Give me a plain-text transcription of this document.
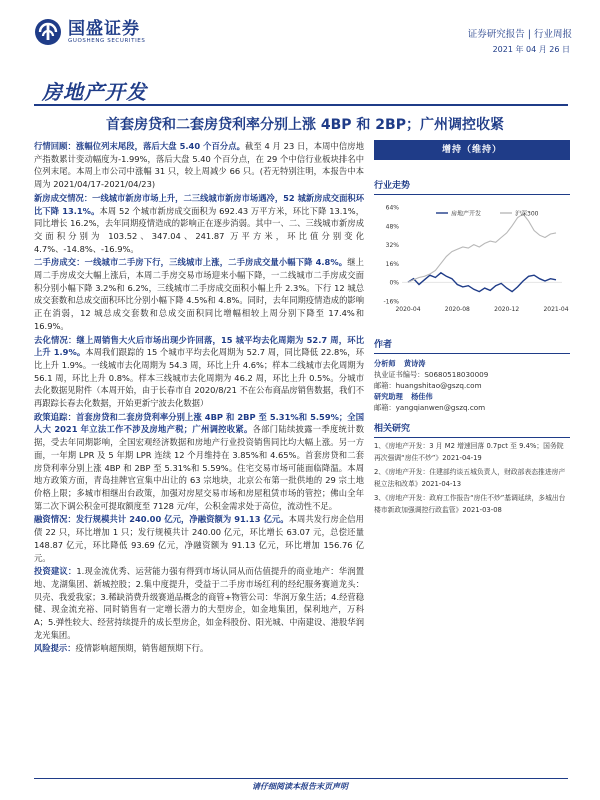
国盛证券
GUOSHENG SECURITIES
证券研究报告 | 行业周报
2021 年 04 月 26 日
房地产开发
首套房贷和二套房贷利率分别上涨 4BP 和 2BP；广州调控收紧

行情回顾：涨幅位列末尾段，落后大盘 5.40 个百分点。截至 4 月 23 日，本周中信房地产指数累计变动幅度为-1.99%，落后大盘 5.40 个百分点，在 29 个中信行业板块排名中位列末尾。本周上市公司中涨幅 31 只，较上周减少 66 只。(若无特别注明，本报告中本周为 2021/04/17-2021/04/23)

新房成交情况：一线城市新房市场上升，二三线城市新房市场遇冷，52 城新房成交面积环比下降 13.1%。本周 52 个城市新房成交面积为 692.43 万平方米，环比下降 13.1%，同比增长 16.2%，去年同期疫情造成的影响正在逐步消弱。其中一、二、三线城市新房成交面积分别为 103.52、347.04、241.87 万平方米，环比值分别变化 4.7%、-14.8%、-16.9%。

二手房成交：一线城市二手房下行，三线城市上涨，二手房成交量小幅下降 4.8%。继上周二手房成交大幅上涨后，本周二手房交易市场迎来小幅下降，一二线城市二手房成交面积分别小幅下降 3.2%和 6.2%，三线城市二手房成交面积小幅上升 2.3%。下行 12 城总成交套数和总成交面积环比分别小幅下降 4.5%和 4.8%。同时，去年同期疫情造成的影响正在消弱，12 城总成交套数和总成交面积同比增幅相较上周分别下降至 17.4%和 16.9%。

去化情况：继上周销售大火后市场出现少许回落，15 城平均去化周期为 52.7 周，环比上升 1.9%。本周我们跟踪的 15 个城市平均去化周期为 52.7 周，同比降低 22.8%，环比上升 1.9%。一线城市去化周期为 54.3 周，环比上升 4.6%；样本二线城市去化周期为 56.1 周，环比上升 0.8%。样本三线城市去化周期为 46.2 周，环比上升 0.5%。分城市去化数据见附件（本周开始，由于长春市自 2020/8/21 不在公布商品房销售数据，我们不再跟踪长春去化数据，开始更新宁波去化数据）

政策追踪：首套房贷和二套房贷利率分别上涨 4BP 和 2BP 至 5.31%和 5.59%；全国人大 2021 年立法工作不涉及房地产税；广州调控收紧。各部门陆续披露一季度统计数据，受去年同期影响，全国宏观经济数据和房地产行业投资销售同比均大幅上涨。另一方面，一年期 LPR 及 5 年期 LPR 连续 12 个月维持在 3.85%和 4.65%。首套房贷和二套房贷利率分别上涨 4BP 和 2BP 至 5.31%和 5.59%。住宅交易市场可能面临降温。本周地方政策方面，青岛挂牌官宣集中出让的 63 宗地块，北京公布第一批供地的 29 宗土地价格上限；多城市相继出台政策，加强对房屋交易市场和房屋租赁市场的管控；佛山全年第二次下调公积金可提取额度至 7128 元/年，公积金需求处于高位，流动性不足。

融资情况：发行规模共计 240.00 亿元，净融资额为 91.13 亿元。本周共发行房企信用债 22 只，环比增加 1 只；发行规模共计 240.00 亿元，环比增长 63.07 元，总偿还量 148.87 亿元，环比降低 93.69 亿元，净融资额为 91.13 亿元，环比增加 156.76 亿元。

投资建议：1.现金流优秀、运营能力强有得到市场认同从而估值提升的商业地产：华润置地、龙湖集团、新城控股；2.集中度提升，受益于二手房市场红利的经纪服务赛道龙头：贝壳、我爱我家；3.稀缺消费升级赛道品概念的商管+物管公司：华润万象生活；4.经营稳健、现金流充裕、同时销售有一定增长潜力的大型房企，如金地集团，保利地产，万科 A；5.弹性较大、经营持续提升的成长型房企，如金科股份、阳光城、中南建设、港股华润龙光集团。

风险提示：疫情影响超预期，销售超预期下行。

增持（维持）
行业走势
64%
48%
32%
16%
0%
-16%
2020-04	2020-08	2020-12	2021-04
房地产开发	沪深300
作者
分析师 黄诗涛
执业证书编号：S0680518030009
邮箱：huangshitao@gszq.com
研究助理 杨佳伟
邮箱：yangqianwen@gszq.com
相关研究
1、《房地产开发：3 月 M2 增速回落 0.7pct 至 9.4%；国务院再次强调“房住不炒”》2021-04-19
2、《房地产开发：住建部约谈五城负责人，财政部表态推进房产税立法和改革》2021-04-13
3、《房地产开发：政府工作报告“房住不炒”基调延续，多城出台楼市新政加强调控行政监管》2021-03-08
请仔细阅读本报告末页声明
